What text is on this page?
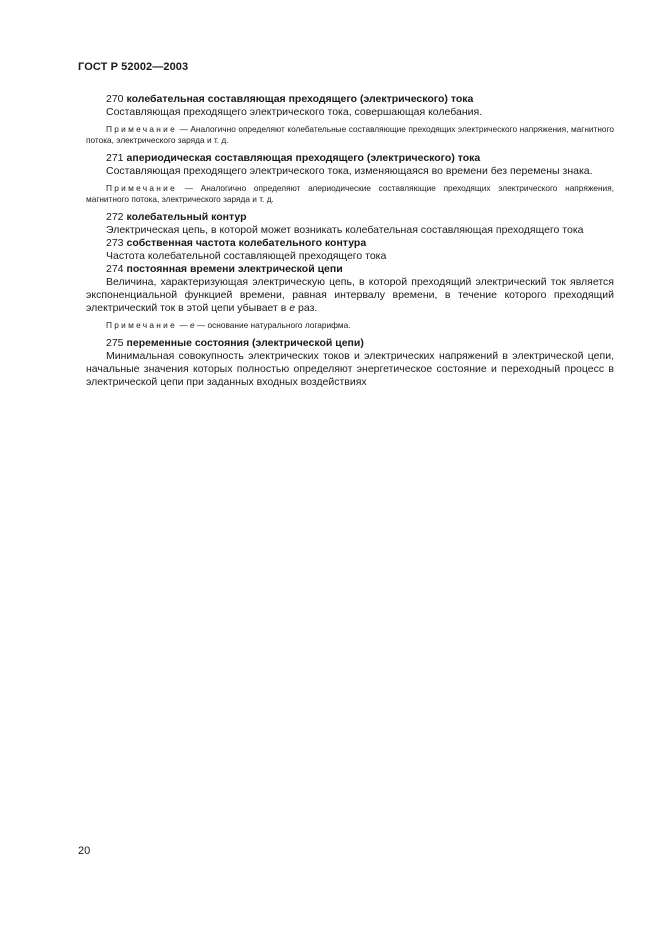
ГОСТ Р 52002—2003

270 колебательная составляющая преходящего (электрического) тока

Составляющая преходящего электрического тока, совершающая колебания.

Примечание — Аналогично определяют колебательные составляющие преходящих электрического напряжения, магнитного потока, электрического заряда и т. д.

271 апериодическая составляющая преходящего (электрического) тока

Составляющая преходящего электрического тока, изменяющаяся во времени без перемены знака.

Примечание — Аналогично определяют апериодические составляющие преходящих электрического напряжения, магнитного потока, электрического заряда и т. д.

272 колебательный контур

Электрическая цепь, в которой может возникать колебательная составляющая преходящего тока

273 собственная частота колебательного контура

Частота колебательной составляющей преходящего тока

274 постоянная времени электрической цепи

Величина, характеризующая электрическую цепь, в которой преходящий электрический ток является экспоненциальной функцией времени, равная интервалу времени, в течение которого преходящий электрический ток в этой цепи убывает в e раз.

Примечание — e — основание натурального логарифма.

275 переменные состояния (электрической цепи)

Минимальная совокупность электрических токов и электрических напряжений в электрической цепи, начальные значения которых полностью определяют энергетическое состояние и переходный процесс в электрической цепи при заданных входных воздействиях

20
